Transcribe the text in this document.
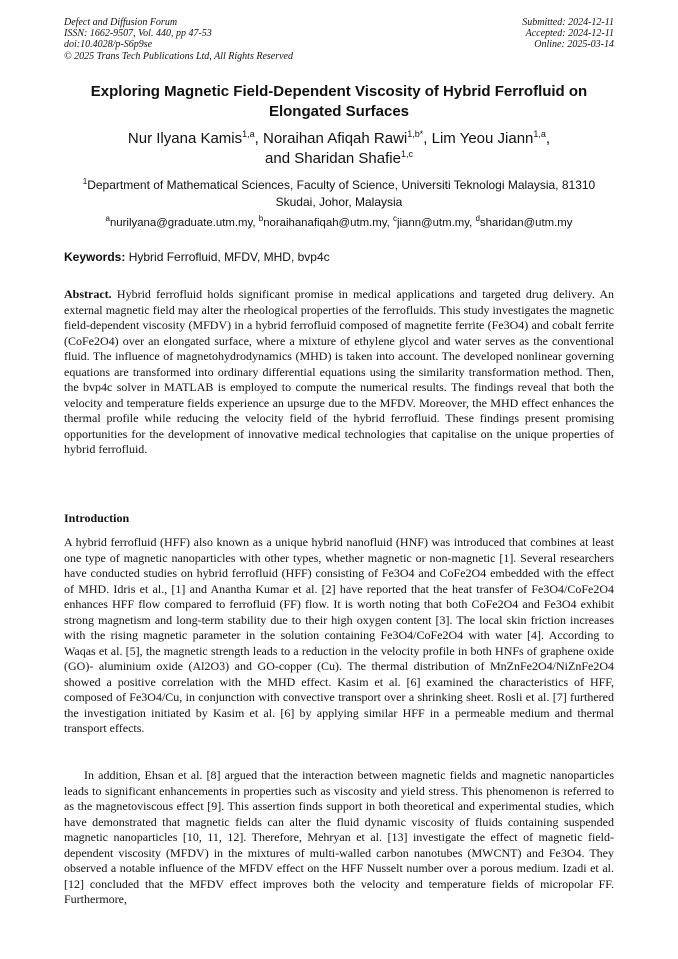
Defect and Diffusion Forum
ISSN: 1662-9507, Vol. 440, pp 47-53
doi:10.4028/p-S6p9se
© 2025 Trans Tech Publications Ltd, All Rights Reserved
Submitted: 2024-12-11
Accepted: 2024-12-11
Online: 2025-03-14
Exploring Magnetic Field-Dependent Viscosity of Hybrid Ferrofluid on Elongated Surfaces
Nur Ilyana Kamis$^{1,a}$, Noraihan Afiqah Rawi$^{1,b*}$, Lim Yeou Jiann$^{1,a}$,
and Sharidan Shafie$^{1,c}$
$^1$Department of Mathematical Sciences, Faculty of Science, Universiti Teknologi Malaysia, 81310 Skudai, Johor, Malaysia
$^a$nurilyana@graduate.utm.my, $^b$noraihanafiqah@utm.my, $^c$jiann@utm.my, $^d$sharidan@utm.my
Keywords: Hybrid Ferrofluid, MFDV, MHD, bvp4c
Abstract. Hybrid ferrofluid holds significant promise in medical applications and targeted drug delivery. An external magnetic field may alter the rheological properties of the ferrofluids. This study investigates the magnetic field-dependent viscosity (MFDV) in a hybrid ferrofluid composed of magnetite ferrite (Fe3O4) and cobalt ferrite (CoFe2O4) over an elongated surface, where a mixture of ethylene glycol and water serves as the conventional fluid. The influence of magnetohydrodynamics (MHD) is taken into account. The developed nonlinear governing equations are transformed into ordinary differential equations using the similarity transformation method. Then, the bvp4c solver in MATLAB is employed to compute the numerical results. The findings reveal that both the velocity and temperature fields experience an upsurge due to the MFDV. Moreover, the MHD effect enhances the thermal profile while reducing the velocity field of the hybrid ferrofluid. These findings present promising opportunities for the development of innovative medical technologies that capitalise on the unique properties of hybrid ferrofluid.
Introduction
A hybrid ferrofluid (HFF) also known as a unique hybrid nanofluid (HNF) was introduced that combines at least one type of magnetic nanoparticles with other types, whether magnetic or non-magnetic [1]. Several researchers have conducted studies on hybrid ferrofluid (HFF) consisting of Fe3O4 and CoFe2O4 embedded with the effect of MHD. Idris et al., [1] and Anantha Kumar et al. [2] have reported that the heat transfer of Fe3O4/CoFe2O4 enhances HFF flow compared to ferrofluid (FF) flow. It is worth noting that both CoFe2O4 and Fe3O4 exhibit strong magnetism and long-term stability due to their high oxygen content [3]. The local skin friction increases with the rising magnetic parameter in the solution containing Fe3O4/CoFe2O4 with water [4]. According to Waqas et al. [5], the magnetic strength leads to a reduction in the velocity profile in both HNFs of graphene oxide (GO)- aluminium oxide (Al2O3) and GO-copper (Cu). The thermal distribution of MnZnFe2O4/NiZnFe2O4 showed a positive correlation with the MHD effect. Kasim et al. [6] examined the characteristics of HFF, composed of Fe3O4/Cu, in conjunction with convective transport over a shrinking sheet. Rosli et al. [7] furthered the investigation initiated by Kasim et al. [6] by applying similar HFF in a permeable medium and thermal transport effects.
In addition, Ehsan et al. [8] argued that the interaction between magnetic fields and magnetic nanoparticles leads to significant enhancements in properties such as viscosity and yield stress. This phenomenon is referred to as the magnetoviscous effect [9]. This assertion finds support in both theoretical and experimental studies, which have demonstrated that magnetic fields can alter the fluid dynamic viscosity of fluids containing suspended magnetic nanoparticles [10, 11, 12]. Therefore, Mehryan et al. [13] investigate the effect of magnetic field-dependent viscosity (MFDV) in the mixtures of multi-walled carbon nanotubes (MWCNT) and Fe3O4. They observed a notable influence of the MFDV effect on the HFF Nusselt number over a porous medium. Izadi et al. [12] concluded that the MFDV effect improves both the velocity and temperature fields of micropolar FF. Furthermore,
